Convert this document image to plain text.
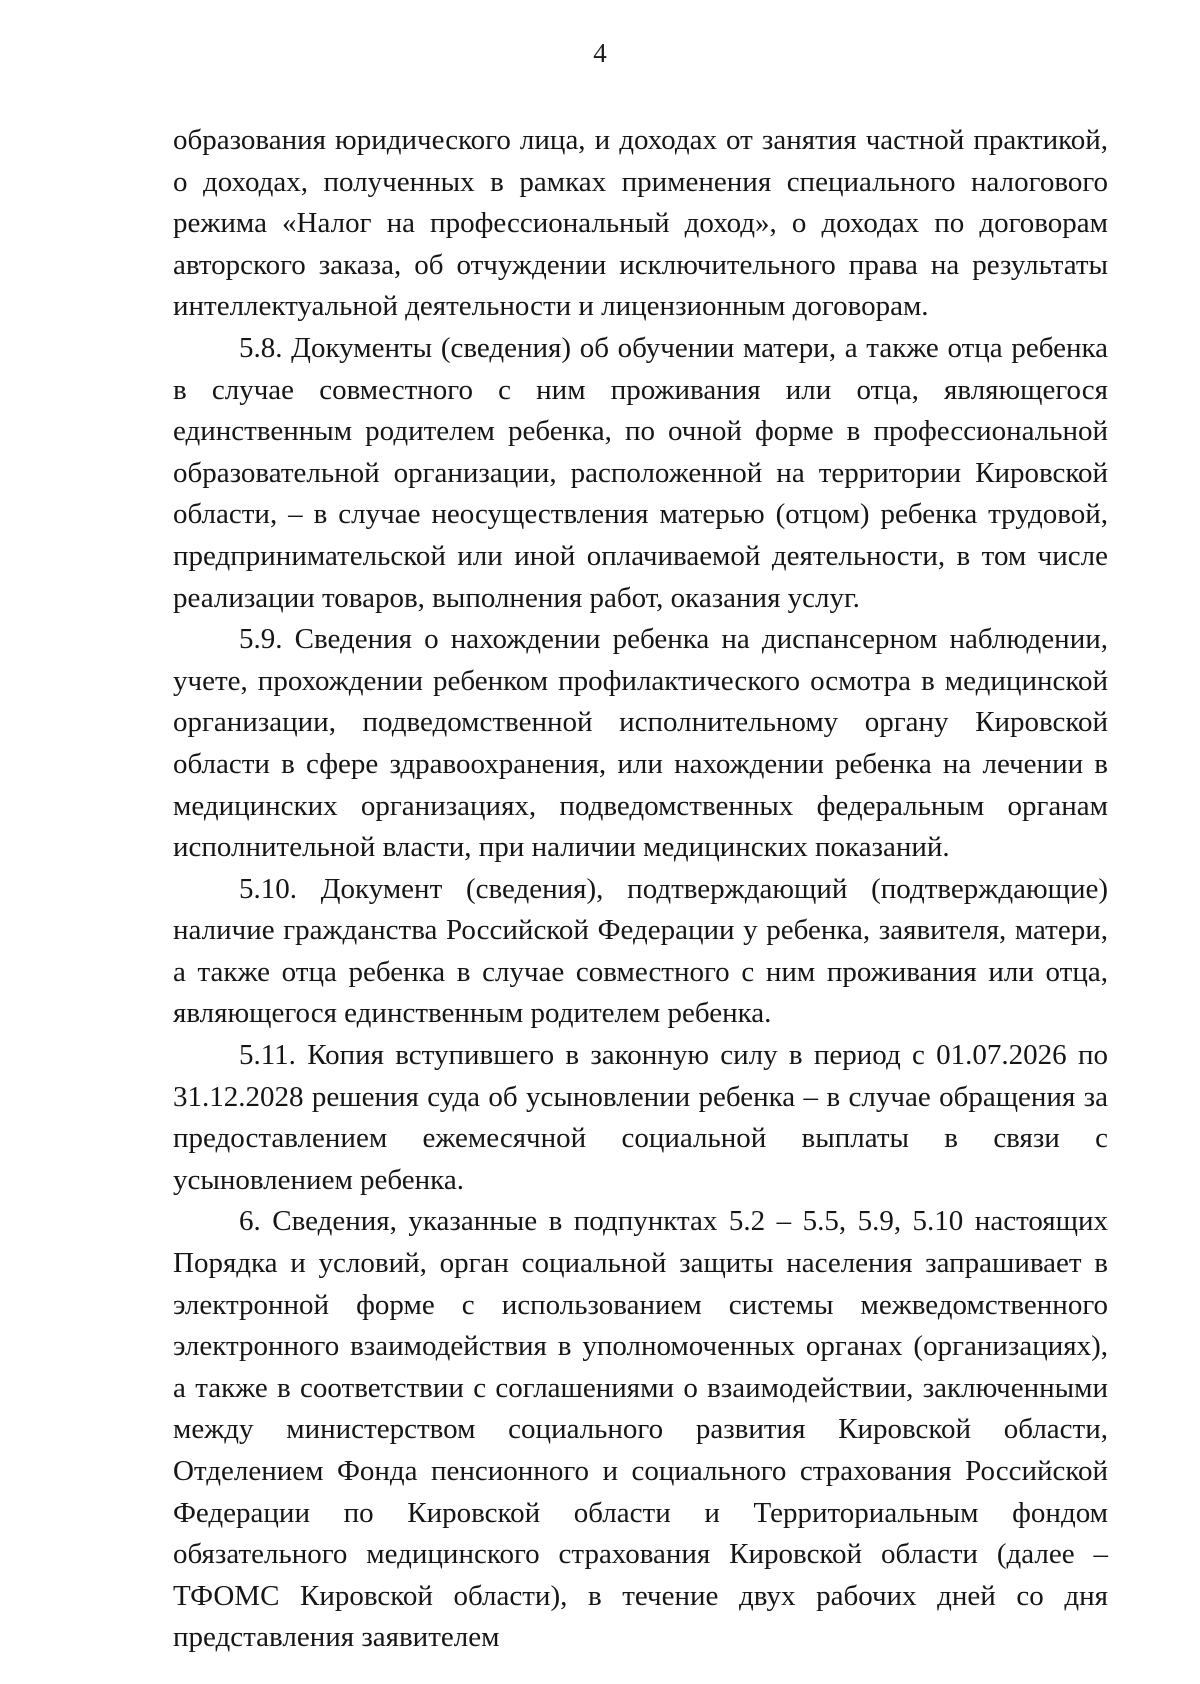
4

образования юридического лица, и доходах от занятия частной практикой, о доходах, полученных в рамках применения специального налогового режима «Налог на профессиональный доход», о доходах по договорам авторского заказа, об отчуждении исключительного права на результаты интеллектуальной деятельности и лицензионным договорам.

5.8. Документы (сведения) об обучении матери, а также отца ребенка в случае совместного с ним проживания или отца, являющегося единственным родителем ребенка, по очной форме в профессиональной образовательной организации, расположенной на территории Кировской области, – в случае неосуществления матерью (отцом) ребенка трудовой, предпринимательской или иной оплачиваемой деятельности, в том числе реализации товаров, выполнения работ, оказания услуг.

5.9. Сведения о нахождении ребенка на диспансерном наблюдении, учете, прохождении ребенком профилактического осмотра в медицинской организации, подведомственной исполнительному органу Кировской области в сфере здравоохранения, или нахождении ребенка на лечении в медицинских организациях, подведомственных федеральным органам исполнительной власти, при наличии медицинских показаний.

5.10. Документ (сведения), подтверждающий (подтверждающие) наличие гражданства Российской Федерации у ребенка, заявителя, матери, а также отца ребенка в случае совместного с ним проживания или отца, являющегося единственным родителем ребенка.

5.11. Копия вступившего в законную силу в период с 01.07.2026 по 31.12.2028 решения суда об усыновлении ребенка – в случае обращения за предоставлением ежемесячной социальной выплаты в связи с усыновлением ребенка.

6. Сведения, указанные в подпунктах 5.2 – 5.5, 5.9, 5.10 настоящих Порядка и условий, орган социальной защиты населения запрашивает в электронной форме с использованием системы межведомственного электронного взаимодействия в уполномоченных органах (организациях), а также в соответствии с соглашениями о взаимодействии, заключенными между министерством социального развития Кировской области, Отделением Фонда пенсионного и социального страхования Российской Федерации по Кировской области и Территориальным фондом обязательного медицинского страхования Кировской области (далее – ТФОМС Кировской области), в течение двух рабочих дней со дня представления заявителем
